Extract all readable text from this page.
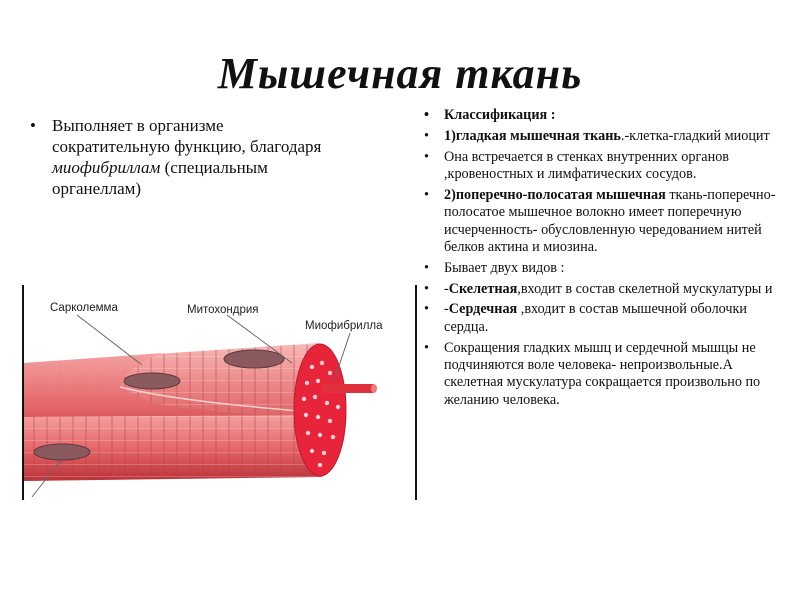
Мышечная ткань
• Выполняет в организме сократительную функцию, благодаря миофибриллам (специальным органеллам)
• Классификация :
• 1)гладкая мышечная ткань.-клетка-гладкий миоцит
• Она встречается в стенках внутренних органов ,кровеностных и лимфатических сосудов.
• 2)поперечно-полосатая мышечная ткань-поперечно-полосатое мышечное волокно имеет поперечную исчерченность- обусловленную чередованием нитей белков актина и миозина.
• Бывает двух видов :
• -Скелетная,входит в состав скелетной мускулатуры и
• -Сердечная ,входит в состав мышечной оболочки сердца.
• Сокращения гладких мышц и сердечной мышцы не подчиняются воле человека- непроизвольные.А скелетная мускулатура сокращается произвольно по желанию человека.
Сарколемма	Митохондрия
Миофибрилла
